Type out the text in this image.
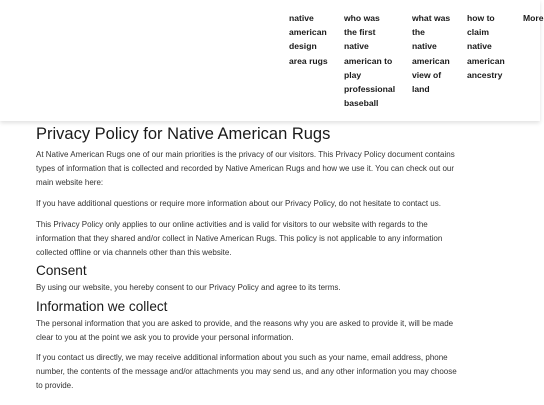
native
american
design
area rugs
who was
the first
native
american to
play
professional
baseball
what was
the
native
american
view of
land
how to
claim
native
american
ancestry
More
Privacy Policy for Native American Rugs

At Native American Rugs one of our main priorities is the privacy of our visitors. This Privacy Policy document contains
types of information that is collected and recorded by Native American Rugs and how we use it. You can check out our
main website here:

If you have additional questions or require more information about our Privacy Policy, do not hesitate to contact us.

This Privacy Policy only applies to our online activities and is valid for visitors to our website with regards to the
information that they shared and/or collect in Native American Rugs. This policy is not applicable to any information
collected offline or via channels other than this website.

Consent

By using our website, you hereby consent to our Privacy Policy and agree to its terms.

Information we collect

The personal information that you are asked to provide, and the reasons why you are asked to provide it, will be made
clear to you at the point we ask you to provide your personal information.

If you contact us directly, we may receive additional information about you such as your name, email address, phone
number, the contents of the message and/or attachments you may send us, and any other information you may choose
to provide.
